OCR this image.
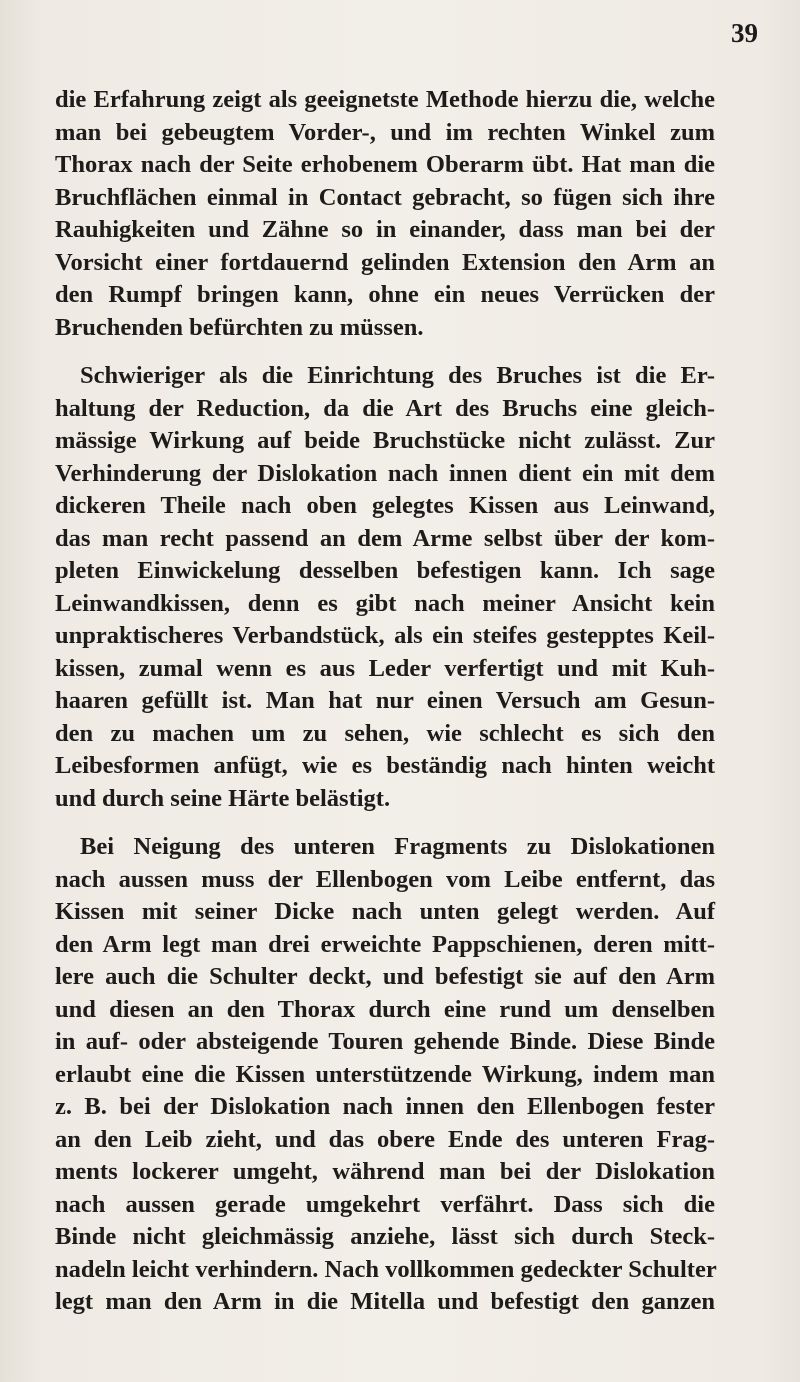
39

die Erfahrung zeigt als geeignetste Methode hierzu die, welche
man bei gebeugtem Vorder-, und im rechten Winkel zum
Thorax nach der Seite erhobenem Oberarm übt. Hat man die
Bruchflächen einmal in Contact gebracht, so fügen sich ihre
Rauhigkeiten und Zähne so in einander, dass man bei der
Vorsicht einer fortdauernd gelinden Extension den Arm an
den Rumpf bringen kann, ohne ein neues Verrücken der
Bruchenden befürchten zu müssen.

Schwieriger als die Einrichtung des Bruches ist die Er-
haltung der Reduction, da die Art des Bruchs eine gleich-
mässige Wirkung auf beide Bruchstücke nicht zulässt. Zur
Verhinderung der Dislokation nach innen dient ein mit dem
dickeren Theile nach oben gelegtes Kissen aus Leinwand,
das man recht passend an dem Arme selbst über der kom-
pleten Einwickelung desselben befestigen kann. Ich sage
Leinwandkissen, denn es gibt nach meiner Ansicht kein
unpraktischeres Verbandstück, als ein steifes gestepptes Keil-
kissen, zumal wenn es aus Leder verfertigt und mit Kuh-
haaren gefüllt ist. Man hat nur einen Versuch am Gesun-
den zu machen um zu sehen, wie schlecht es sich den
Leibesformen anfügt, wie es beständig nach hinten weicht
und durch seine Härte belästigt.

Bei Neigung des unteren Fragments zu Dislokationen
nach aussen muss der Ellenbogen vom Leibe entfernt, das
Kissen mit seiner Dicke nach unten gelegt werden. Auf
den Arm legt man drei erweichte Pappschienen, deren mitt-
lere auch die Schulter deckt, und befestigt sie auf den Arm
und diesen an den Thorax durch eine rund um denselben
in auf- oder absteigende Touren gehende Binde. Diese Binde
erlaubt eine die Kissen unterstützende Wirkung, indem man
z. B. bei der Dislokation nach innen den Ellenbogen fester
an den Leib zieht, und das obere Ende des unteren Frag-
ments lockerer umgeht, während man bei der Dislokation
nach aussen gerade umgekehrt verfährt. Dass sich die
Binde nicht gleichmässig anziehe, lässt sich durch Steck-
nadeln leicht verhindern. Nach vollkommen gedeckter Schulter
legt man den Arm in die Mitella und befestigt den ganzen
